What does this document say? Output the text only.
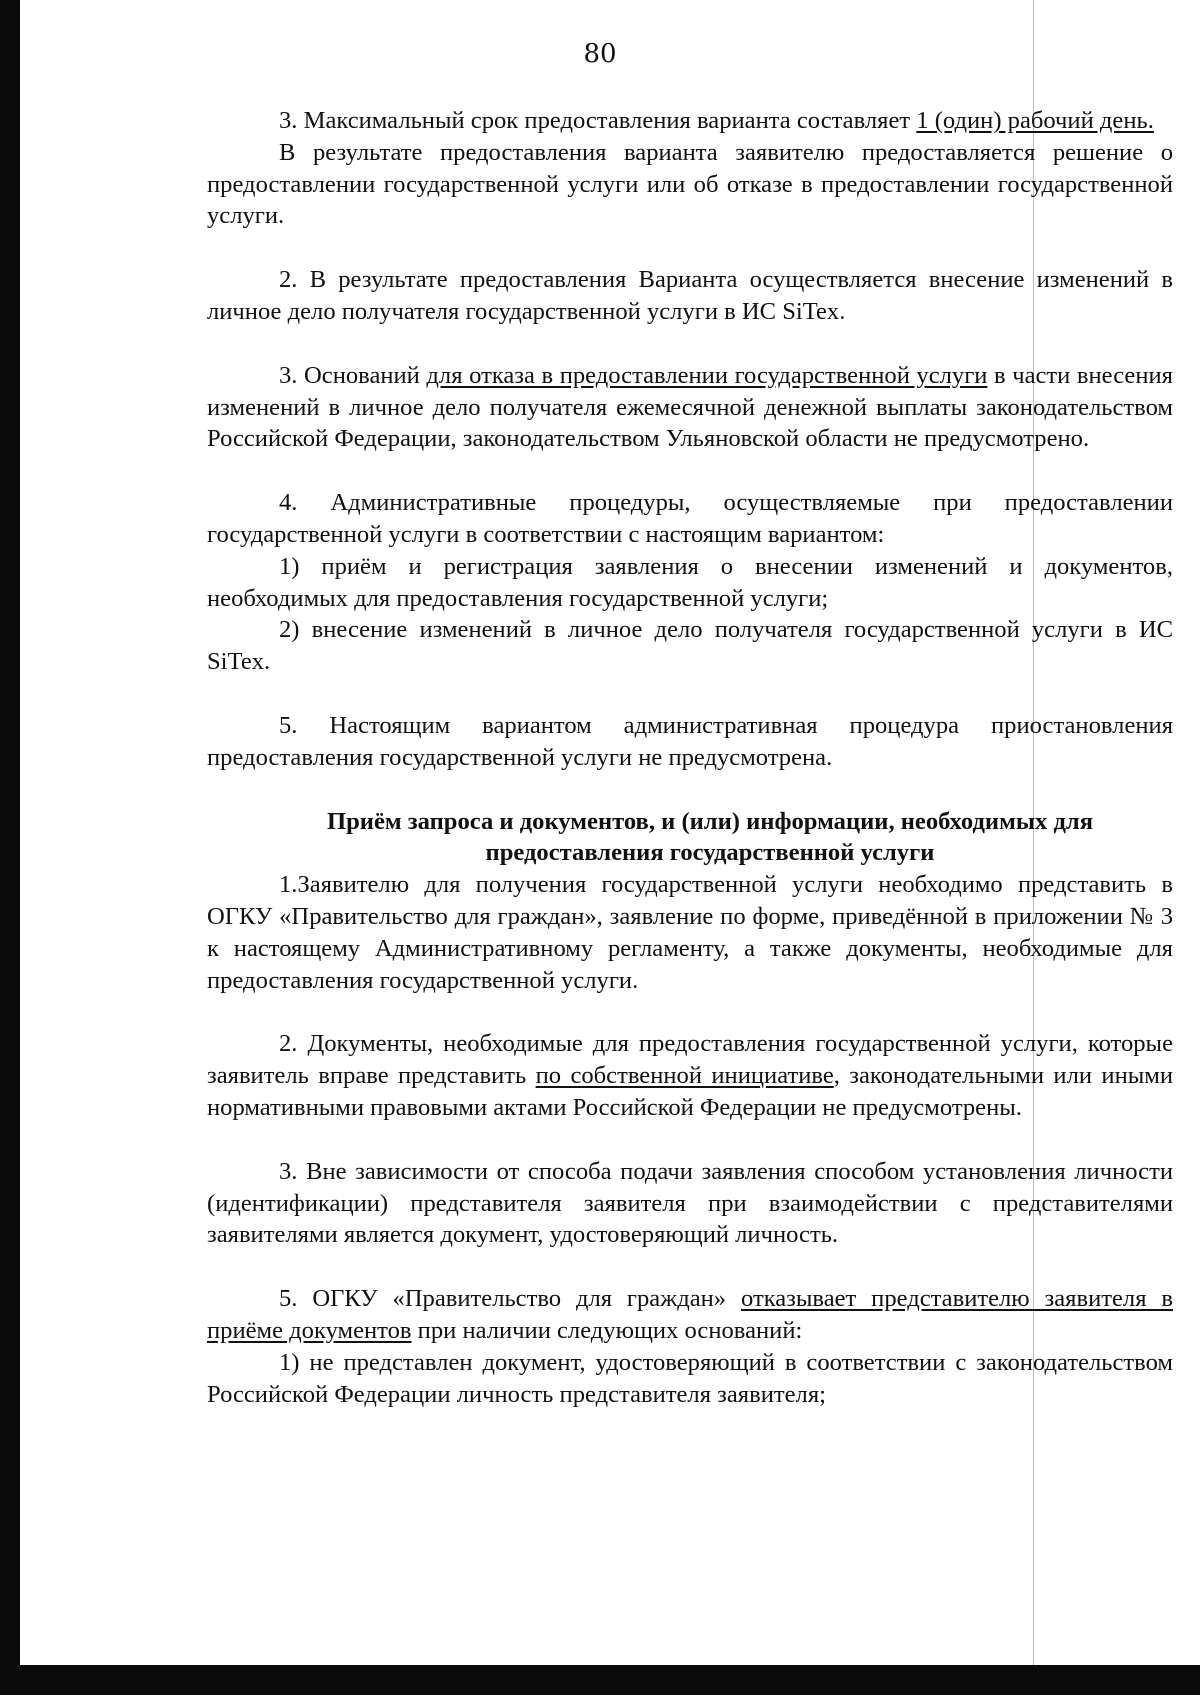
80

3. Максимальный срок предоставления варианта составляет 1 (один) рабочий день.

В результате предоставления варианта заявителю предоставляется решение о предоставлении государственной услуги или об отказе в предоставлении государственной услуги.

2. В результате предоставления Варианта осуществляется внесение изменений в личное дело получателя государственной услуги в ИС SiTex.

3. Оснований для отказа в предоставлении государственной услуги в части внесения изменений в личное дело получателя ежемесячной денежной выплаты законодательством Российской Федерации, законодательством Ульяновской области не предусмотрено.

4. Административные процедуры, осуществляемые при предоставлении государственной услуги в соответствии с настоящим вариантом:

1) приём и регистрация заявления о внесении изменений и документов, необходимых для предоставления государственной услуги;

2) внесение изменений в личное дело получателя государственной услуги в ИС SiTex.

5. Настоящим вариантом административная процедура приостановления предоставления государственной услуги не предусмотрена.

Приём запроса и документов, и (или) информации, необходимых для
предоставления государственной услуги

1.Заявителю для получения государственной услуги необходимо представить в ОГКУ «Правительство для граждан», заявление по форме, приведённой в приложении № 3 к настоящему Административному регламенту, а также документы, необходимые для предоставления государственной услуги.

2. Документы, необходимые для предоставления государственной услуги, которые заявитель вправе представить по собственной инициативе, законодательными или иными нормативными правовыми актами Российской Федерации не предусмотрены.

3. Вне зависимости от способа подачи заявления способом установления личности (идентификации) представителя заявителя при взаимодействии с представителями заявителями является документ, удостоверяющий личность.

5. ОГКУ «Правительство для граждан» отказывает представителю заявителя в приёме документов при наличии следующих оснований:

1) не представлен документ, удостоверяющий в соответствии с законодательством Российской Федерации личность представителя заявителя;
